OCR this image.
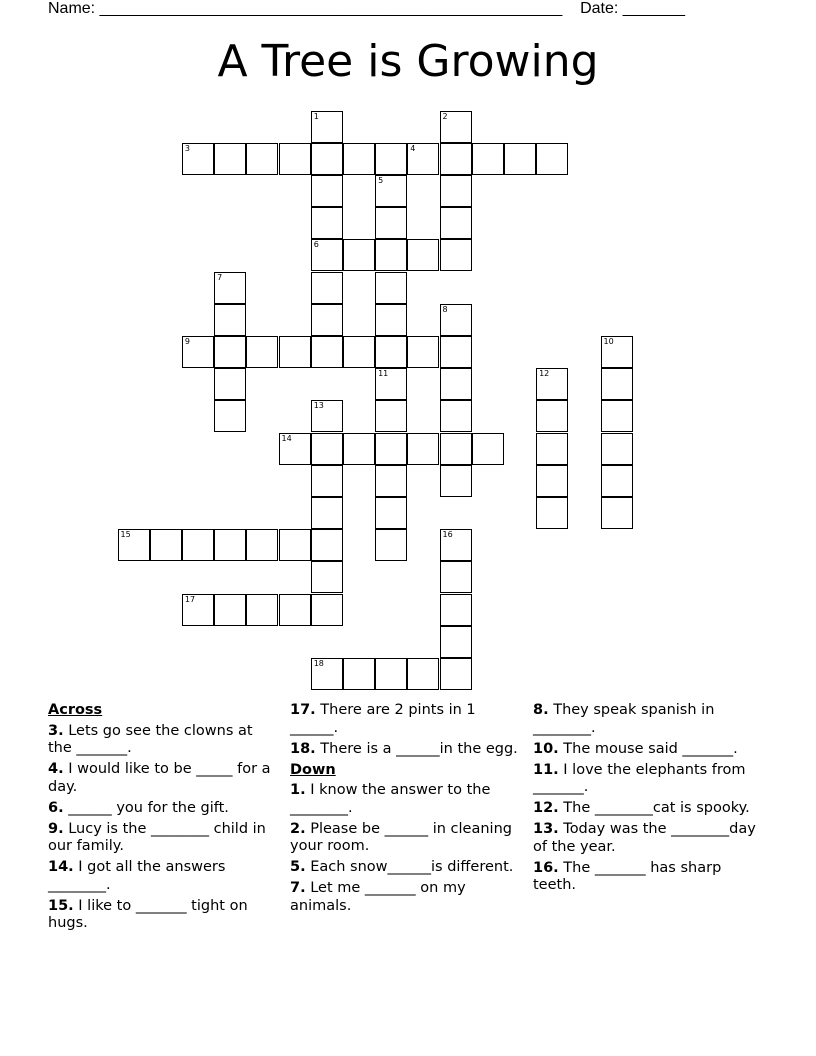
Name: ____________________________________________________    Date: _______
A Tree is Growing
3	4
6
9
14
15
17
18
1	2
5
7
8
10
11	12
13
16
Across
3. Lets go see the clowns at the _______.
4. I would like to be _____ for a day.
6. ______ you for the gift.
9. Lucy is the ________ child in our family.
14. I got all the answers ________.
15. I like to _______ tight on hugs.
17. There are 2 pints in 1 ______.
18. There is a ______in the egg.
Down
1. I know the answer to the ________.
2. Please be ______ in cleaning your room.
5. Each snow______is different.
7. Let me _______ on my animals.
8. They speak spanish in ________.
10. The mouse said _______.
11. I love the elephants from _______.
12. The ________cat is spooky.
13. Today was the ________day of the year.
16. The _______ has sharp teeth.
